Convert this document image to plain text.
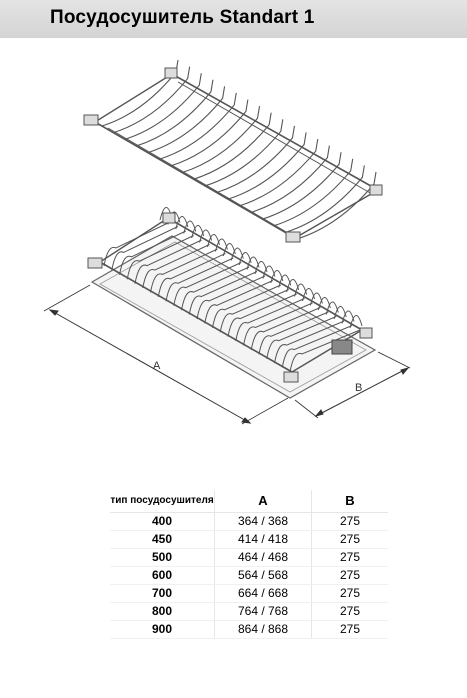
Посудосушитель Standart 1
A
B
тип посудосушителя	A	B
400	364 / 368	275
450	414 / 418	275
500	464 / 468	275
600	564 / 568	275
700	664 / 668	275
800	764 / 768	275
900	864 / 868	275
